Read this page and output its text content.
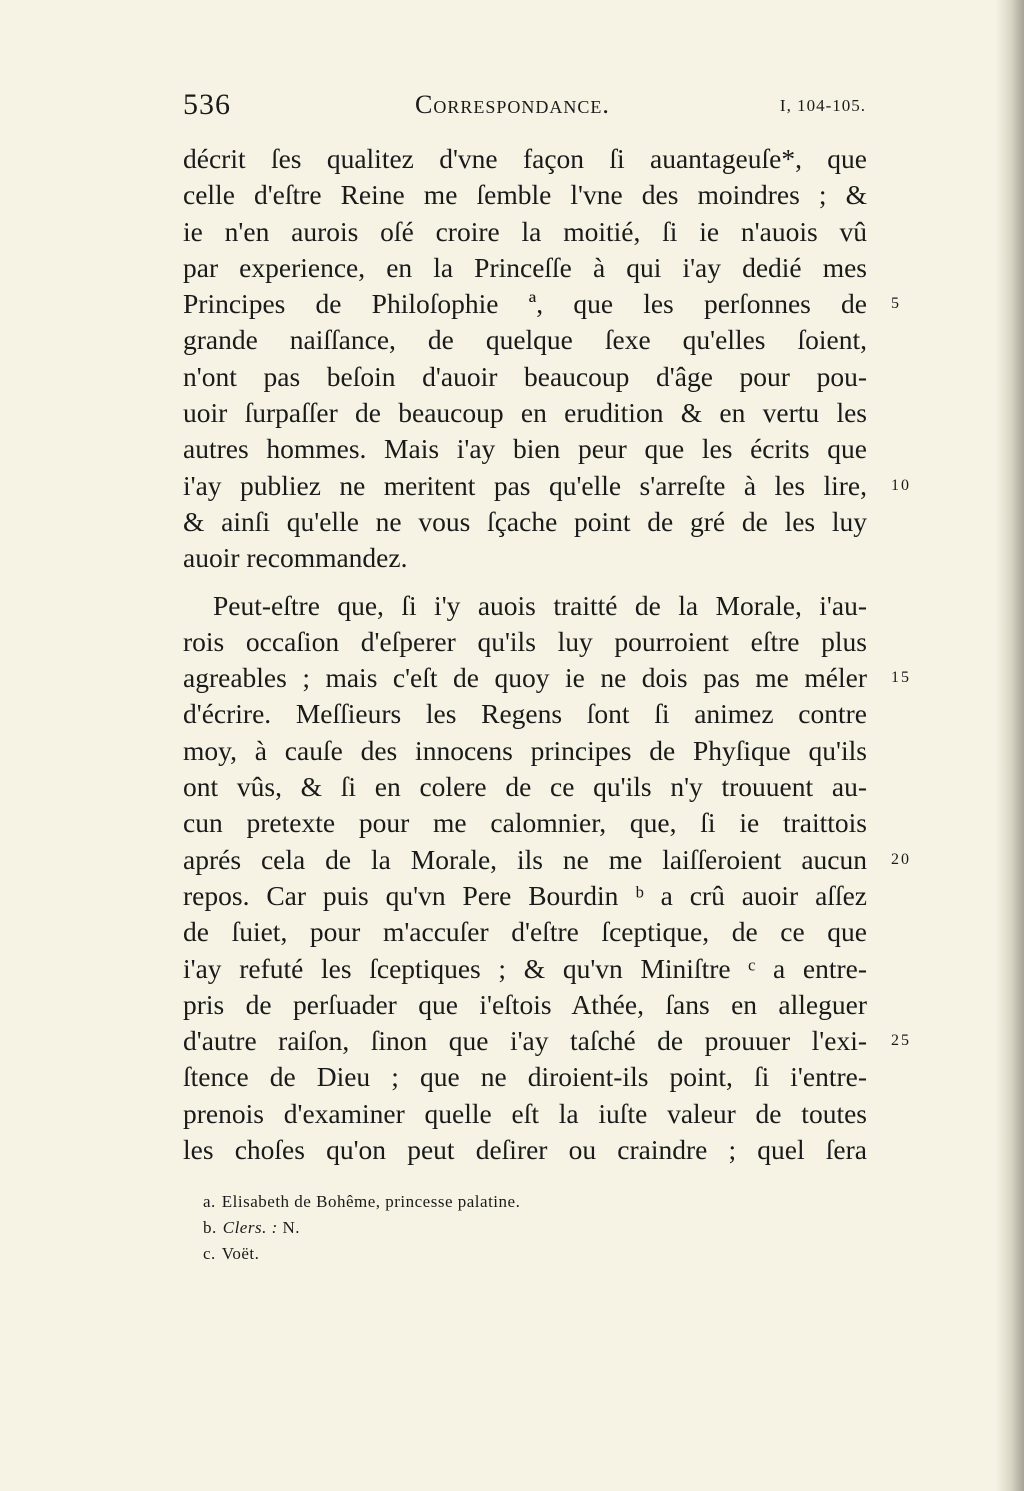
536	Correspondance.	I, 104-105.
décrit ſes qualitez d'vne façon ſi auantageuſe*, que
celle d'eſtre Reine me ſemble l'vne des moindres ; &
ie n'en aurois oſé croire la moitié, ſi ie n'auois vû
par experience, en la Princeſſe à qui i'ay dedié mes
Principes de Philoſophie ª, que les perſonnes de 5
grande naiſſance, de quelque ſexe qu'elles ſoient,
n'ont pas beſoin d'auoir beaucoup d'âge pour pou-
uoir ſurpaſſer de beaucoup en erudition & en vertu les
autres hommes. Mais i'ay bien peur que les écrits que
i'ay publiez ne meritent pas qu'elle s'arreſte à les lire, 10
& ainſi qu'elle ne vous ſçache point de gré de les luy
auoir recommandez.
Peut-eſtre que, ſi i'y auois traitté de la Morale, i'au-
rois occaſion d'eſperer qu'ils luy pourroient eſtre plus
agreables ; mais c'eſt de quoy ie ne dois pas me méler 15
d'écrire. Meſſieurs les Regens ſont ſi animez contre
moy, à cauſe des innocens principes de Phyſique qu'ils
ont vûs, & ſi en colere de ce qu'ils n'y trouuent au-
cun pretexte pour me calomnier, que, ſi ie traittois
aprés cela de la Morale, ils ne me laiſſeroient aucun 20
repos. Car puis qu'vn Pere Bourdin ᵇ a crû auoir aſſez
de ſuiet, pour m'accuſer d'eſtre ſceptique, de ce que
i'ay refuté les ſceptiques ; & qu'vn Miniſtre ᶜ a entre-
pris de perſuader que i'eſtois Athée, ſans en alleguer
d'autre raiſon, ſinon que i'ay taſché de prouuer l'exi- 25
ſtence de Dieu ; que ne diroient-ils point, ſi i'entre-
prenois d'examiner quelle eſt la iuſte valeur de toutes
les choſes qu'on peut deſirer ou craindre ; quel ſera
a. Elisabeth de Bohême, princesse palatine.
b. Clers. : N.
c. Voët.
